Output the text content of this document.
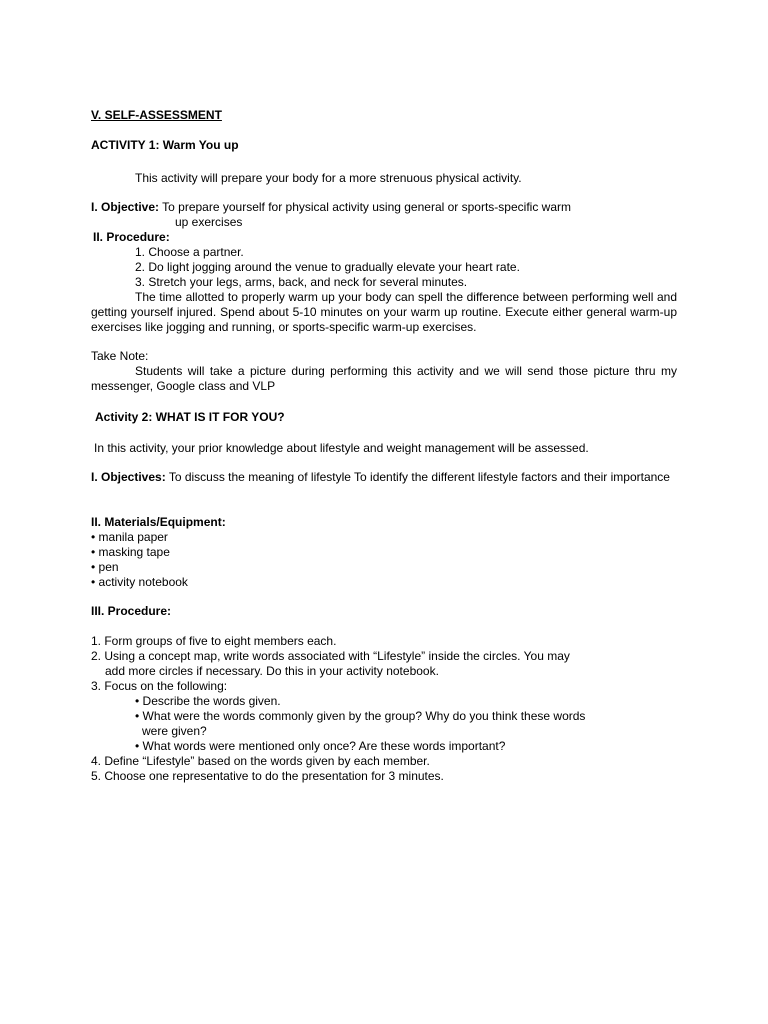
V. SELF-ASSESSMENT
ACTIVITY 1: Warm You up
This activity will prepare your body for a more strenuous physical activity.
I. Objective: To prepare yourself for physical activity using general or sports-specific warm
up exercises
II. Procedure:
1. Choose a partner.
2. Do light jogging around the venue to gradually elevate your heart rate.
3. Stretch your legs, arms, back, and neck for several minutes.
The time allotted to properly warm up your body can spell the difference between performing well and getting yourself injured. Spend about 5-10 minutes on your warm up routine. Execute either general warm-up exercises like jogging and running, or sports-specific warm-up exercises.
Take Note:
Students will take a picture during performing this activity and we will send those picture thru my messenger, Google class and VLP
Activity 2: WHAT IS IT FOR YOU?
In this activity, your prior knowledge about lifestyle and weight management will be assessed.
I. Objectives: To discuss the meaning of lifestyle To identify the different lifestyle factors and their importance
II. Materials/Equipment:
• manila paper
• masking tape
• pen
• activity notebook
III. Procedure:
1. Form groups of five to eight members each.
2. Using a concept map, write words associated with “Lifestyle” inside the circles. You may
add more circles if necessary. Do this in your activity notebook.
3. Focus on the following:
• Describe the words given.
• What were the words commonly given by the group? Why do you think these words
were given?
• What words were mentioned only once? Are these words important?
4. Define “Lifestyle” based on the words given by each member.
5. Choose one representative to do the presentation for 3 minutes.
